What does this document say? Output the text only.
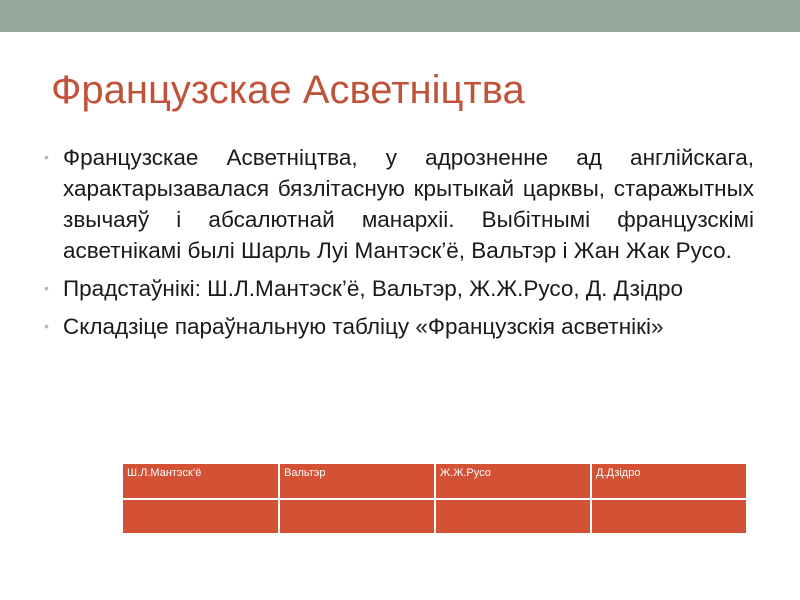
Французскае Асветніцтва
• Французскае Асветніцтва, у адрозненне ад англійскага, характарызавалася бязлітасную крытыкай царквы, старажытных звычаяў і абсалютнай манархіі. Выбітнымі французскімі асветнікамі былі Шарль Луі Мантэск’ё, Вальтэр і Жан Жак Русо.
• Прадстаўнікі: Ш.Л.Мантэск’ё, Вальтэр, Ж.Ж.Русо, Д. Дзідро
• Складзіце параўнальную табліцу «Французскія асветнікі»
Ш.Л.Мантэск’ё	Вальтэр	Ж.Ж.Русо	Д.Дзідро
